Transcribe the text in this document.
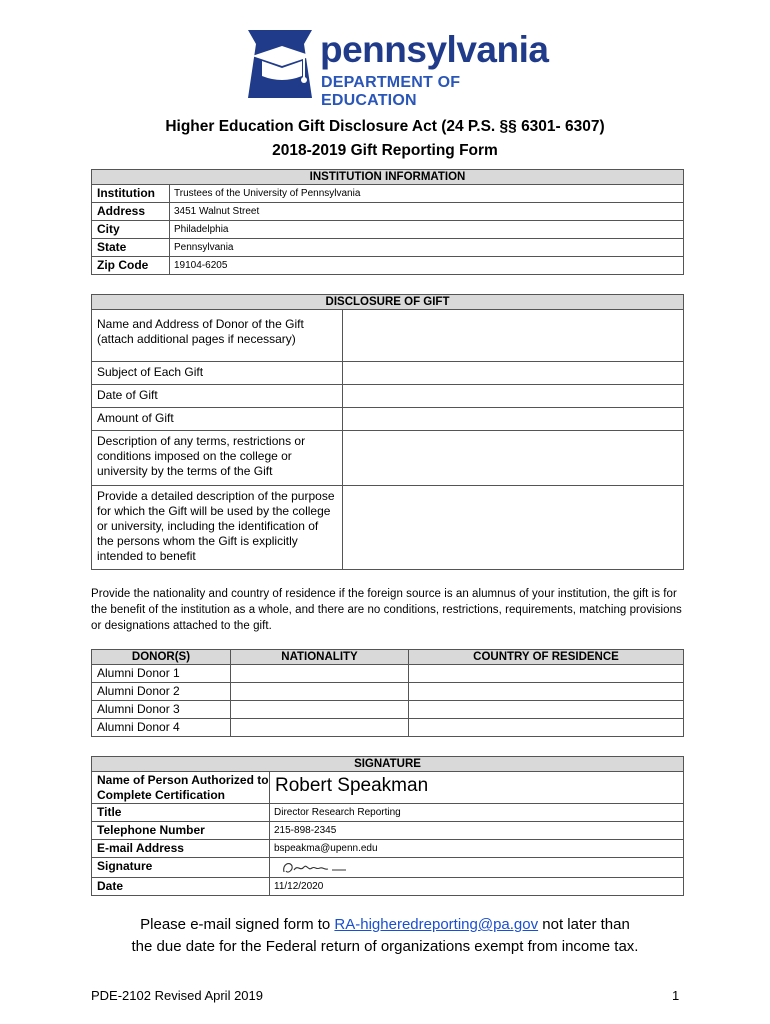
pennsylvania
DEPARTMENT OF EDUCATION
Higher Education Gift Disclosure Act (24 P.S. §§ 6301- 6307)
2018-2019 Gift Reporting Form
INSTITUTION INFORMATION	
Institution	Trustees of the University of Pennsylvania
Address	3451 Walnut Street
City	Philadelphia
State	Pennsylvania
Zip Code	19104-6205
DISCLOSURE OF GIFT	
Name and Address of Donor of the Gift (attach additional pages if necessary)	
Subject of Each Gift	
Date of Gift	
Amount of Gift	
Description of any terms, restrictions or conditions imposed on the college or university by the terms of the Gift	
Provide a detailed description of the purpose for which the Gift will be used by the college or university, including the identification of the persons whom the Gift is explicitly intended to benefit	
Provide the nationality and country of residence if the foreign source is an alumnus of your institution, the gift is for the benefit of the institution as a whole, and there are no conditions, restrictions, requirements, matching provisions or designations attached to the gift.
DONOR(S)	NATIONALITY	COUNTRY OF RESIDENCE
Alumni Donor 1		
Alumni Donor 2		
Alumni Donor 3		
Alumni Donor 4		
SIGNATURE	
Name of Person Authorized to Complete Certification	Robert Speakman
Title	Director Research Reporting
Telephone Number	215-898-2345
E-mail Address	bspeakma@upenn.edu
Signature	
Date	11/12/2020
Please e-mail signed form to RA-higheredreporting@pa.gov not later than
the due date for the Federal return of organizations exempt from income tax.
PDE-2102 Revised April 2019	1
